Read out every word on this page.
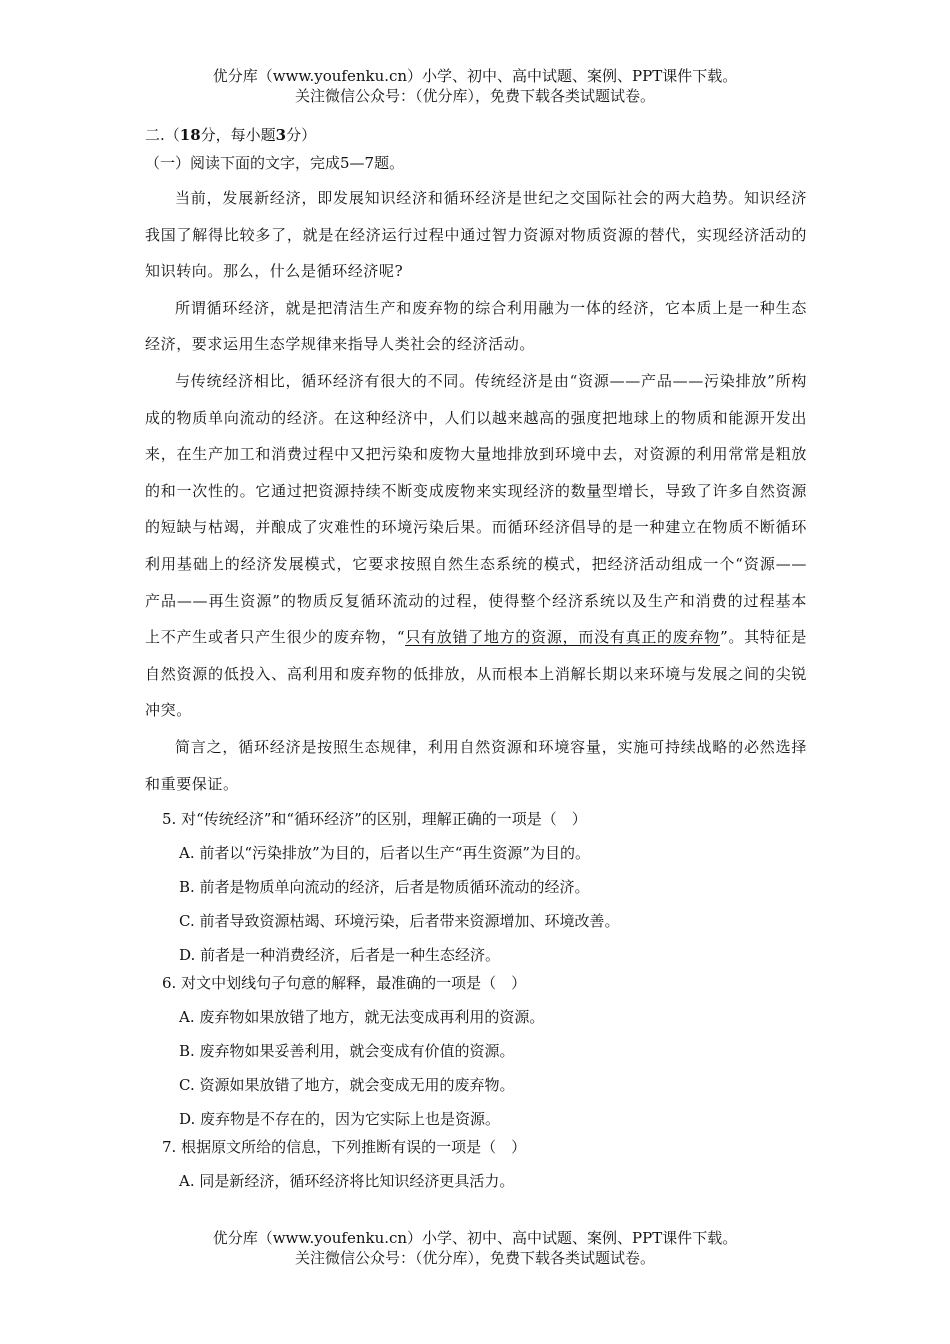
优分库（www.youfenku.cn）小学、初中、高中试题、案例、PPT课件下载。
关注微信公众号：（优分库），免费下载各类试题试卷。
二.（18分，每小题3分）
（一）阅读下面的文字，完成5—7题。

当前，发展新经济，即发展知识经济和循环经济是世纪之交国际社会的两大趋势。知识经济我国了解得比较多了，就是在经济运行过程中通过智力资源对物质资源的替代，实现经济活动的知识转向。那么，什么是循环经济呢?

所谓循环经济，就是把清洁生产和废弃物的综合利用融为一体的经济，它本质上是一种生态经济，要求运用生态学规律来指导人类社会的经济活动。

与传统经济相比，循环经济有很大的不同。传统经济是由“资源——产品——污染排放”所构成的物质单向流动的经济。在这种经济中，人们以越来越高的强度把地球上的物质和能源开发出来，在生产加工和消费过程中又把污染和废物大量地排放到环境中去，对资源的利用常常是粗放的和一次性的。它通过把资源持续不断变成废物来实现经济的数量型增长，导致了许多自然资源的短缺与枯竭，并酿成了灾难性的环境污染后果。而循环经济倡导的是一种建立在物质不断循环利用基础上的经济发展模式，它要求按照自然生态系统的模式，把经济活动组成一个“资源——产品——再生资源”的物质反复循环流动的过程，使得整个经济系统以及生产和消费的过程基本上不产生或者只产生很少的废弃物，“只有放错了地方的资源，而没有真正的废弃物”。其特征是自然资源的低投入、高利用和废弃物的低排放，从而根本上消解长期以来环境与发展之间的尖锐冲突。

简言之，循环经济是按照生态规律，利用自然资源和环境容量，实施可持续战略的必然选择和重要保证。

5. 对“传统经济”和“循环经济”的区别，理解正确的一项是（　）
A. 前者以“污染排放”为目的，后者以生产“再生资源”为目的。
B. 前者是物质单向流动的经济，后者是物质循环流动的经济。
C. 前者导致资源枯竭、环境污染，后者带来资源增加、环境改善。
D. 前者是一种消费经济，后者是一种生态经济。
6. 对文中划线句子句意的解释，最准确的一项是（　）
A. 废弃物如果放错了地方，就无法变成再利用的资源。
B. 废弃物如果妥善利用，就会变成有价值的资源。
C. 资源如果放错了地方，就会变成无用的废弃物。
D. 废弃物是不存在的，因为它实际上也是资源。
7. 根据原文所给的信息，下列推断有误的一项是（　）
A. 同是新经济，循环经济将比知识经济更具活力。
优分库（www.youfenku.cn）小学、初中、高中试题、案例、PPT课件下载。
关注微信公众号：（优分库），免费下载各类试题试卷。
